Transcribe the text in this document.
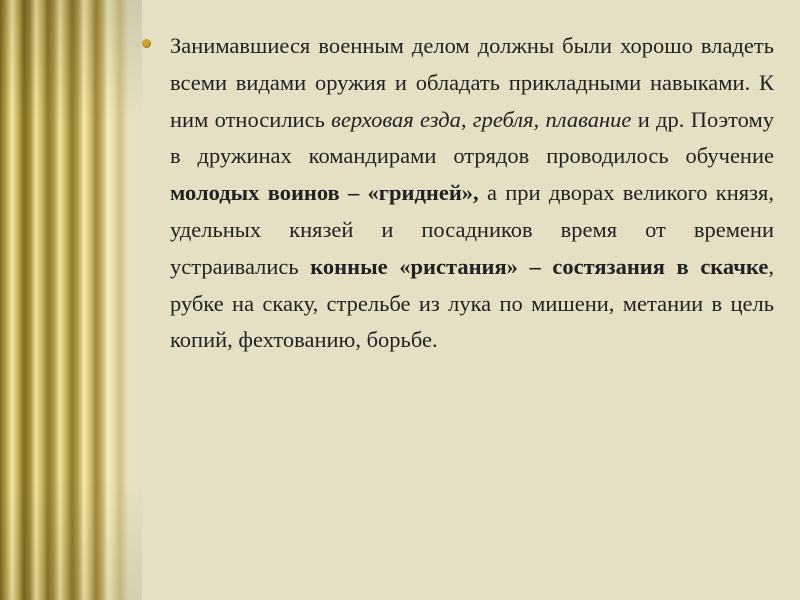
Занимавшиеся военным делом должны были хорошо владеть всеми видами оружия и обладать прикладными навыками. К ним относились верховая езда, гребля, плавание и др. Поэтому в дружинах командирами отрядов проводилось обучение молодых воинов – «гридней», а при дворах великого князя, удельных князей и посадников время от времени устраивались конные «ристания» – состязания в скачке, рубке на скаку, стрельбе из лука по мишени, метании в цель копий, фехтованию, борьбе.
